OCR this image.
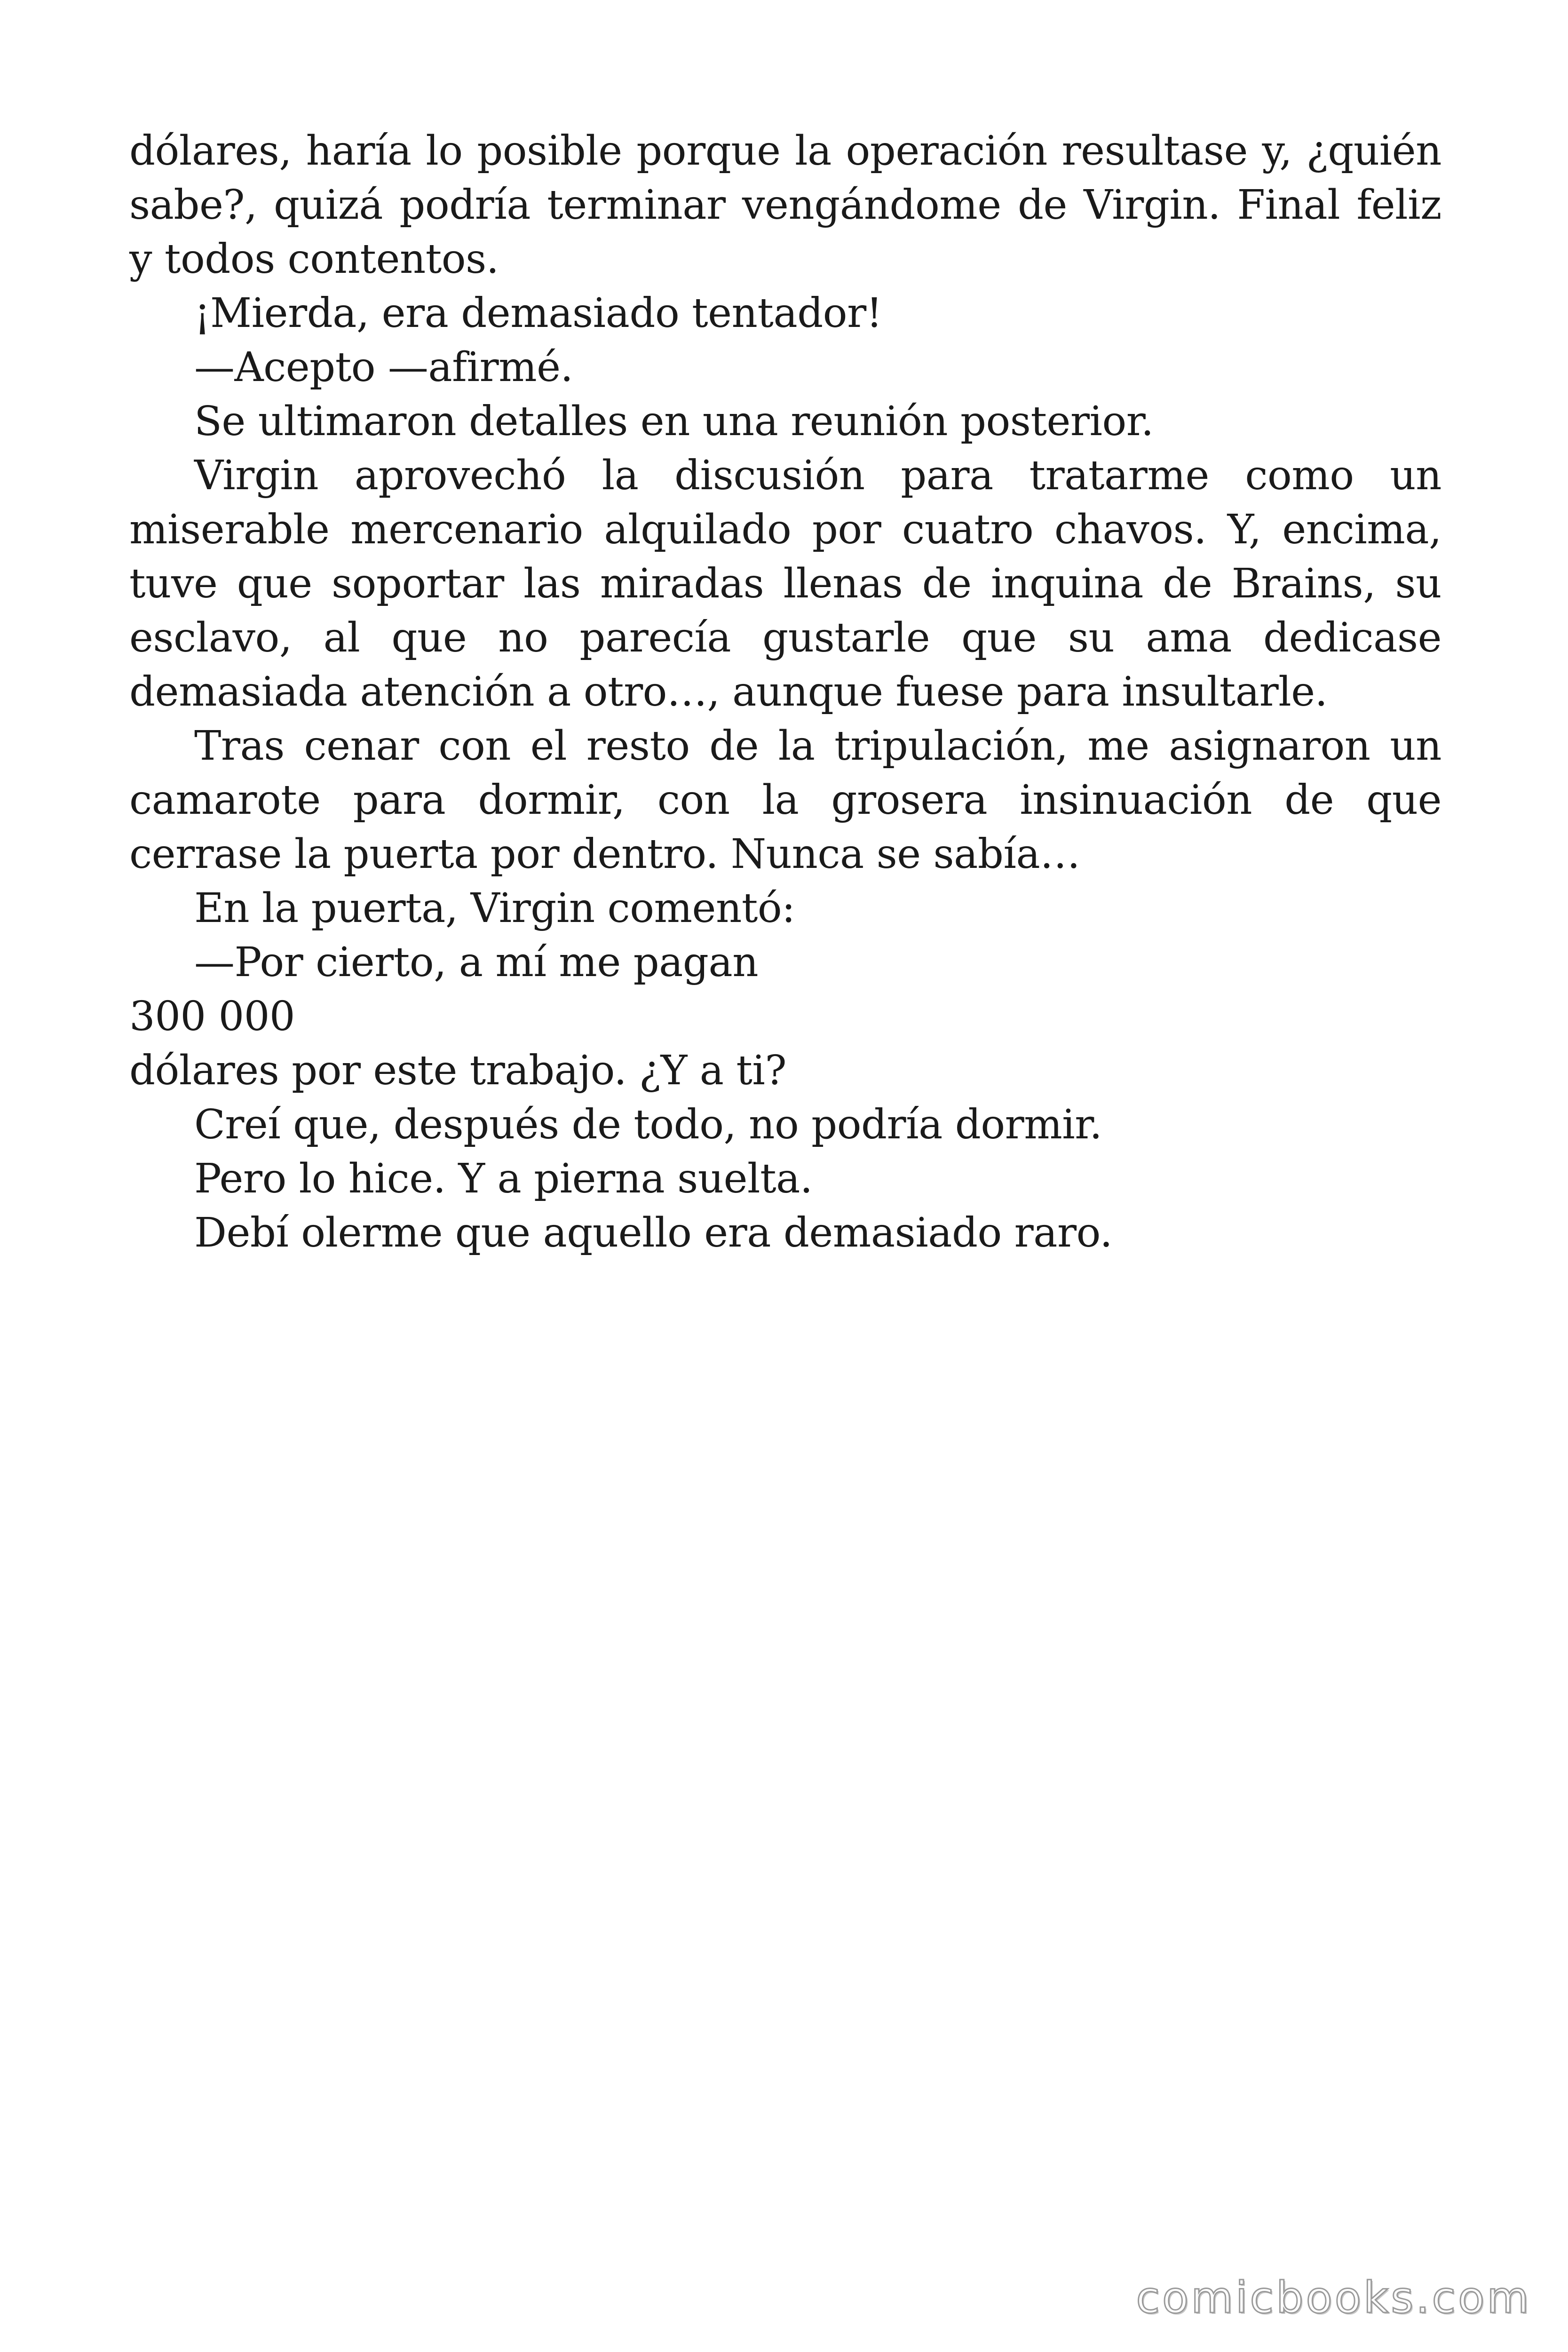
dólares, haría lo posible porque la operación resultase y, ¿quién sabe?, quizá podría terminar vengándome de Virgin. Final feliz y todos contentos.

¡Mierda, era demasiado tentador!

—Acepto —afirmé.

Se ultimaron detalles en una reunión posterior.

Virgin aprovechó la discusión para tratarme como un miserable mercenario alquilado por cuatro chavos. Y, encima, tuve que soportar las miradas llenas de inquina de Brains, su esclavo, al que no parecía gustarle que su ama dedicase demasiada atención a otro…, aunque fuese para insultarle.

Tras cenar con el resto de la tripulación, me asignaron un camarote para dormir, con la grosera insinuación de que cerrase la puerta por dentro. Nunca se sabía…

En la puerta, Virgin comentó:

—Por cierto, a mí me pagan

300 000

dólares por este trabajo. ¿Y a ti?

Creí que, después de todo, no podría dormir.

Pero lo hice. Y a pierna suelta.

Debí olerme que aquello era demasiado raro.

comicbooks.com
